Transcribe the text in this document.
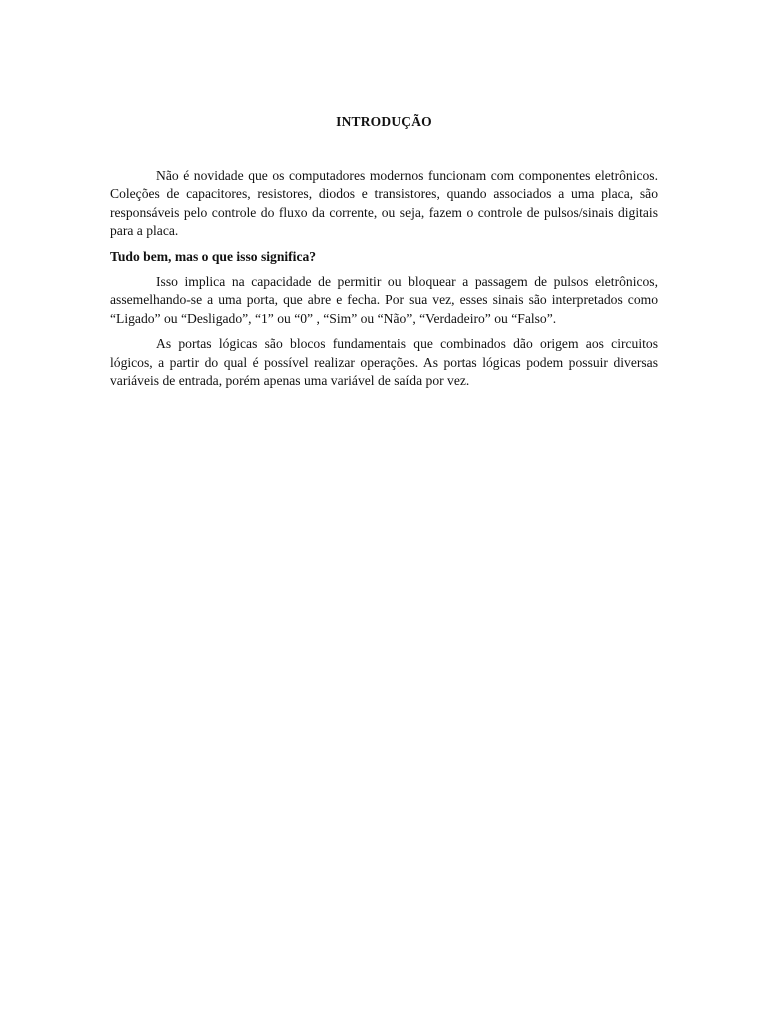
INTRODUÇÃO

Não é novidade que os computadores modernos funcionam com componentes eletrônicos. Coleções de capacitores, resistores, diodos e transistores, quando associados a uma placa, são responsáveis pelo controle do fluxo da corrente, ou seja, fazem o controle de pulsos/sinais digitais para a placa.

Tudo bem, mas o que isso significa?

Isso implica na capacidade de permitir ou bloquear a passagem de pulsos eletrônicos, assemelhando-se a uma porta, que abre e fecha. Por sua vez, esses sinais são interpretados como “Ligado” ou “Desligado”, “1” ou “0” , “Sim” ou “Não”, “Verdadeiro” ou “Falso”.

As portas lógicas são blocos fundamentais que combinados dão origem aos circuitos lógicos, a partir do qual é possível realizar operações. As portas lógicas podem possuir diversas variáveis de entrada, porém apenas uma variável de saída por vez.
